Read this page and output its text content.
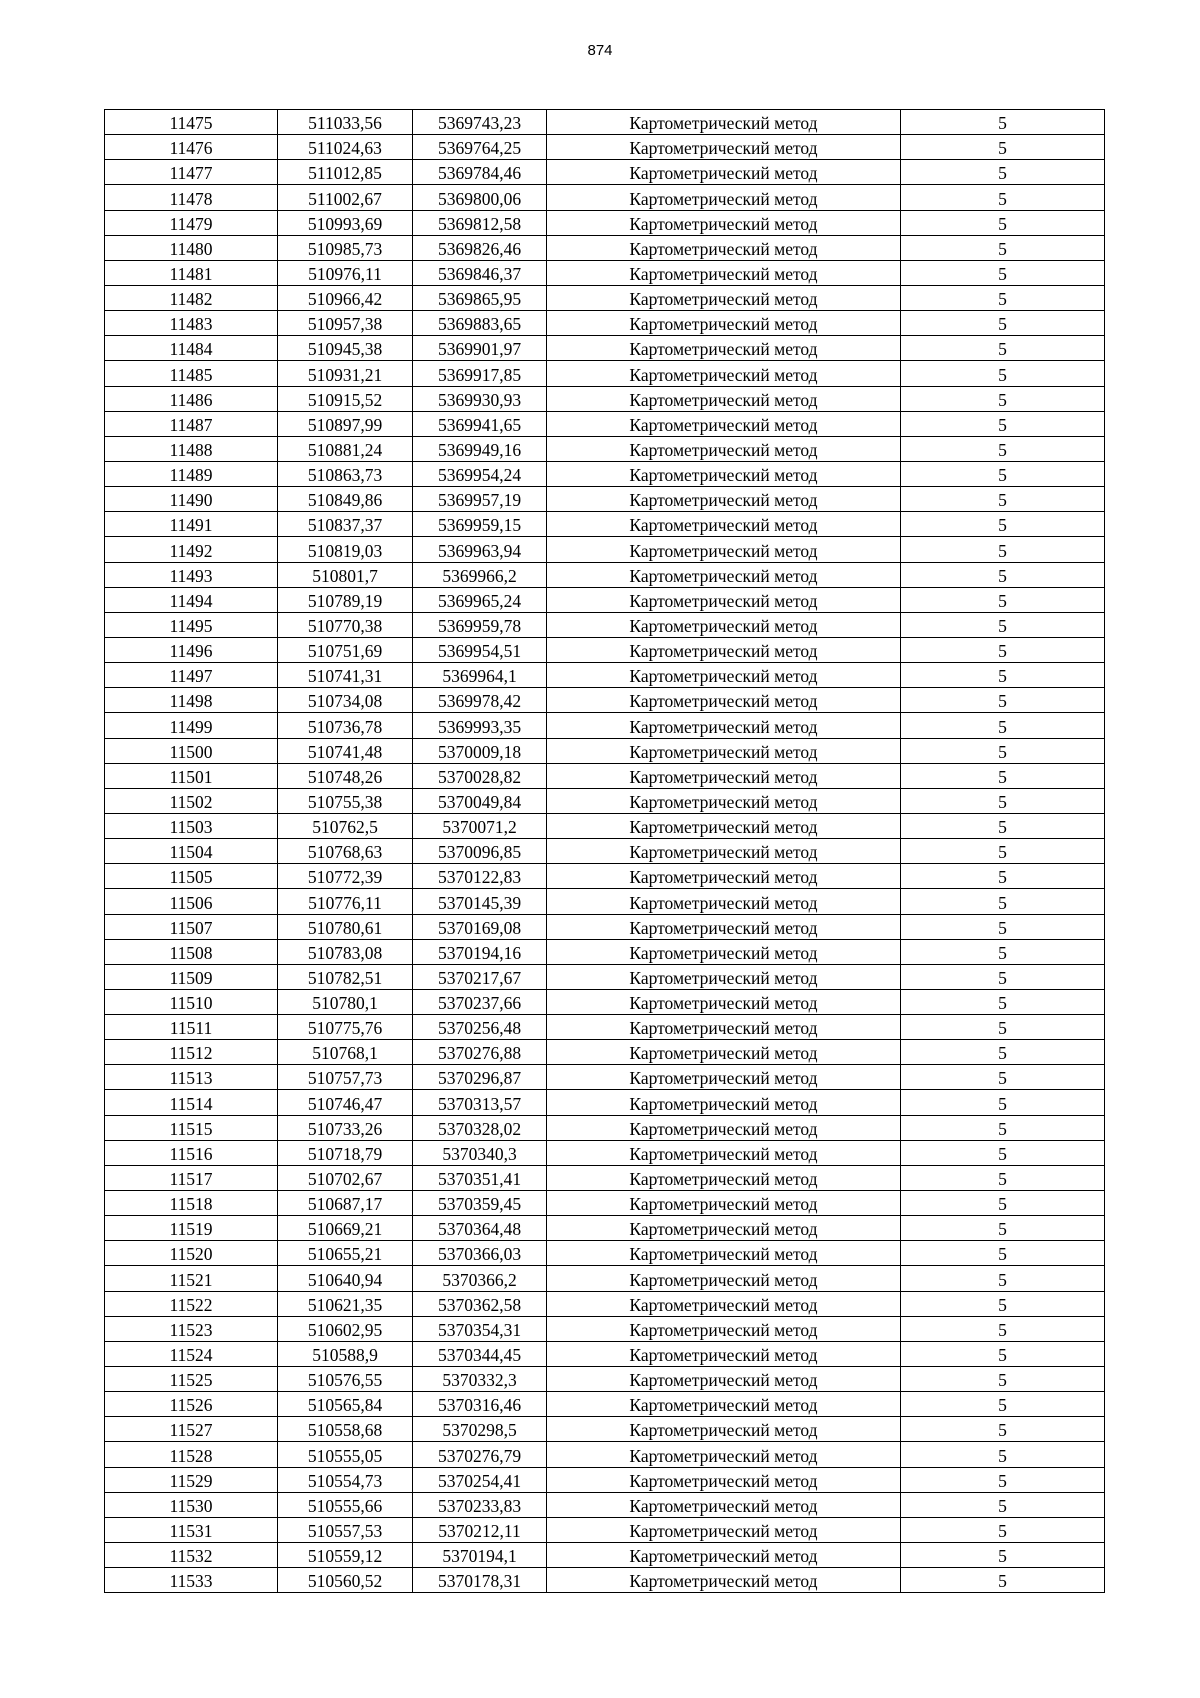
874
11475	511033,56	5369743,23	Картометрический метод	5
11476	511024,63	5369764,25	Картометрический метод	5
11477	511012,85	5369784,46	Картометрический метод	5
11478	511002,67	5369800,06	Картометрический метод	5
11479	510993,69	5369812,58	Картометрический метод	5
11480	510985,73	5369826,46	Картометрический метод	5
11481	510976,11	5369846,37	Картометрический метод	5
11482	510966,42	5369865,95	Картометрический метод	5
11483	510957,38	5369883,65	Картометрический метод	5
11484	510945,38	5369901,97	Картометрический метод	5
11485	510931,21	5369917,85	Картометрический метод	5
11486	510915,52	5369930,93	Картометрический метод	5
11487	510897,99	5369941,65	Картометрический метод	5
11488	510881,24	5369949,16	Картометрический метод	5
11489	510863,73	5369954,24	Картометрический метод	5
11490	510849,86	5369957,19	Картометрический метод	5
11491	510837,37	5369959,15	Картометрический метод	5
11492	510819,03	5369963,94	Картометрический метод	5
11493	510801,7	5369966,2	Картометрический метод	5
11494	510789,19	5369965,24	Картометрический метод	5
11495	510770,38	5369959,78	Картометрический метод	5
11496	510751,69	5369954,51	Картометрический метод	5
11497	510741,31	5369964,1	Картометрический метод	5
11498	510734,08	5369978,42	Картометрический метод	5
11499	510736,78	5369993,35	Картометрический метод	5
11500	510741,48	5370009,18	Картометрический метод	5
11501	510748,26	5370028,82	Картометрический метод	5
11502	510755,38	5370049,84	Картометрический метод	5
11503	510762,5	5370071,2	Картометрический метод	5
11504	510768,63	5370096,85	Картометрический метод	5
11505	510772,39	5370122,83	Картометрический метод	5
11506	510776,11	5370145,39	Картометрический метод	5
11507	510780,61	5370169,08	Картометрический метод	5
11508	510783,08	5370194,16	Картометрический метод	5
11509	510782,51	5370217,67	Картометрический метод	5
11510	510780,1	5370237,66	Картометрический метод	5
11511	510775,76	5370256,48	Картометрический метод	5
11512	510768,1	5370276,88	Картометрический метод	5
11513	510757,73	5370296,87	Картометрический метод	5
11514	510746,47	5370313,57	Картометрический метод	5
11515	510733,26	5370328,02	Картометрический метод	5
11516	510718,79	5370340,3	Картометрический метод	5
11517	510702,67	5370351,41	Картометрический метод	5
11518	510687,17	5370359,45	Картометрический метод	5
11519	510669,21	5370364,48	Картометрический метод	5
11520	510655,21	5370366,03	Картометрический метод	5
11521	510640,94	5370366,2	Картометрический метод	5
11522	510621,35	5370362,58	Картометрический метод	5
11523	510602,95	5370354,31	Картометрический метод	5
11524	510588,9	5370344,45	Картометрический метод	5
11525	510576,55	5370332,3	Картометрический метод	5
11526	510565,84	5370316,46	Картометрический метод	5
11527	510558,68	5370298,5	Картометрический метод	5
11528	510555,05	5370276,79	Картометрический метод	5
11529	510554,73	5370254,41	Картометрический метод	5
11530	510555,66	5370233,83	Картометрический метод	5
11531	510557,53	5370212,11	Картометрический метод	5
11532	510559,12	5370194,1	Картометрический метод	5
11533	510560,52	5370178,31	Картометрический метод	5
